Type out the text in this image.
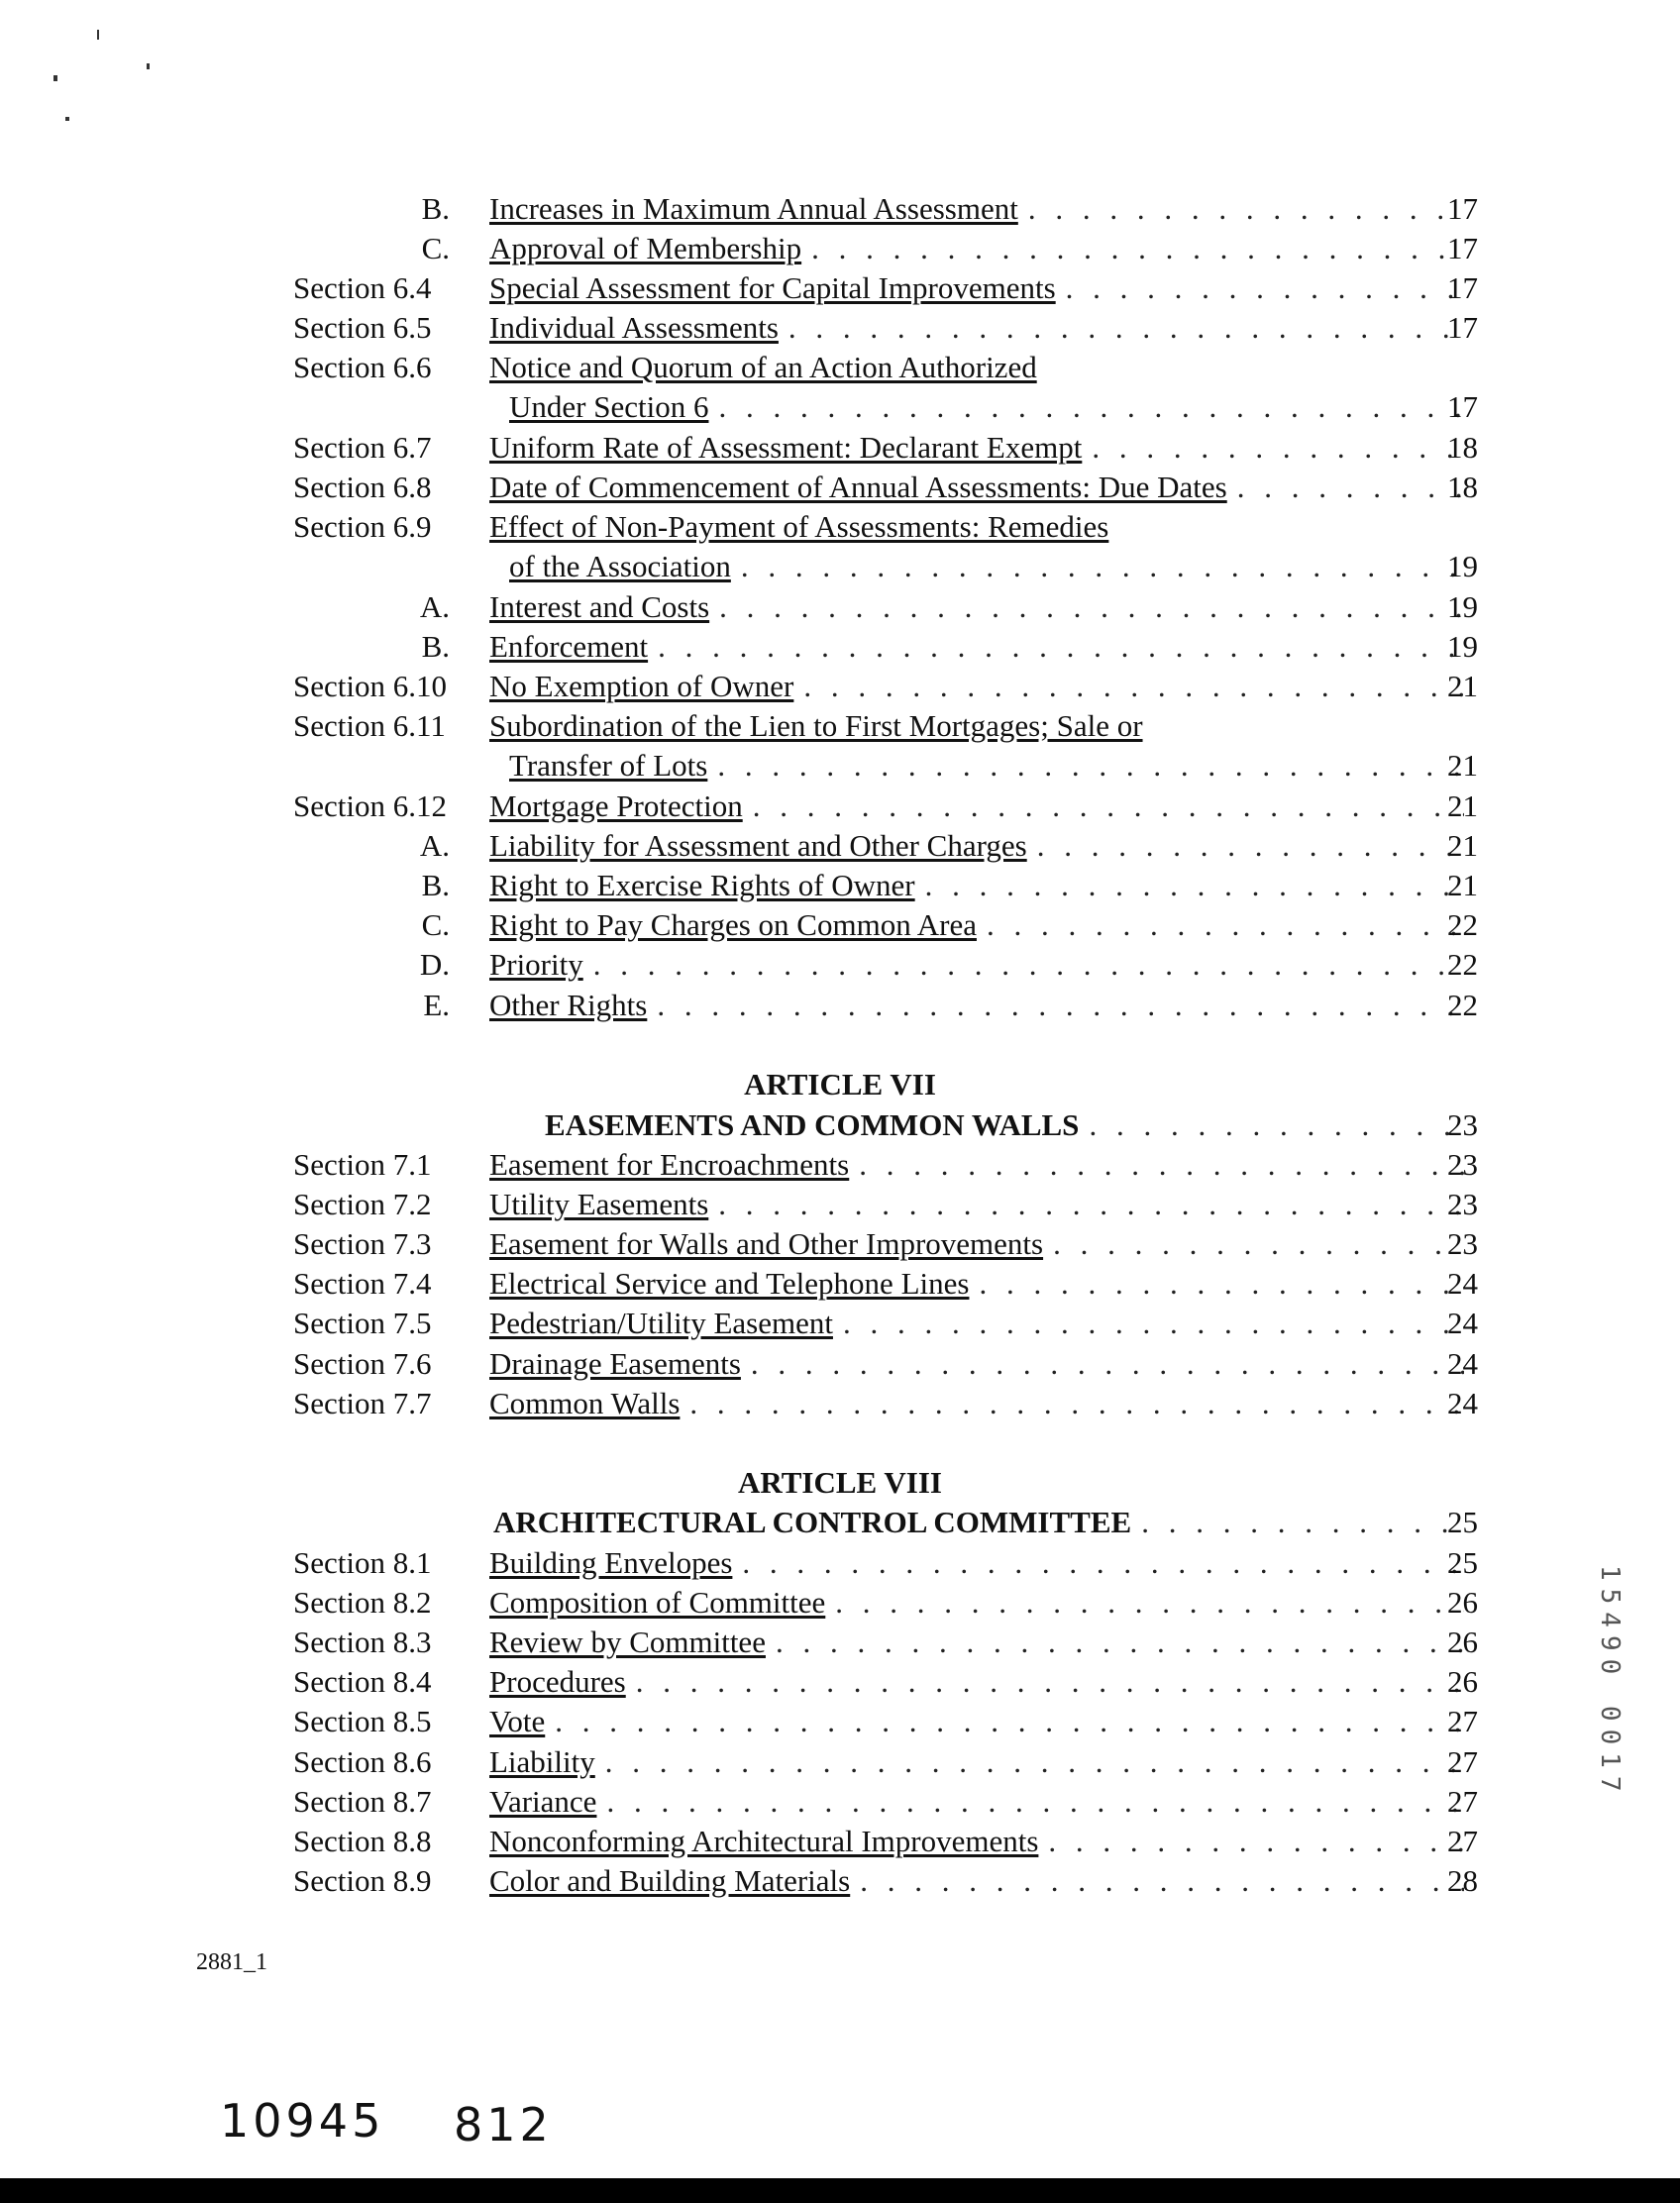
B. Increases in Maximum Annual Assessment . . .	17
C. Approval of Membership . . .	17
Section 6.4 Special Assessment for Capital Improvements . . .	17
Section 6.5 Individual Assessments . . .	17
Section 6.6 Notice and Quorum of an Action Authorized
Under Section 6 . . .	17
Section 6.7 Uniform Rate of Assessment: Declarant Exempt . . .	18
Section 6.8 Date of Commencement of Annual Assessments: Due Dates . . .	18
Section 6.9 Effect of Non-Payment of Assessments: Remedies
of the Association . . .	19
A. Interest and Costs . . .	19
B. Enforcement . . .	19
Section 6.10 No Exemption of Owner . . .	21
Section 6.11 Subordination of the Lien to First Mortgages; Sale or
Transfer of Lots . . .	21
Section 6.12 Mortgage Protection . . .	21
A. Liability for Assessment and Other Charges . . .	21
B. Right to Exercise Rights of Owner . . .	21
C. Right to Pay Charges on Common Area . . .	22
D. Priority . . .	22
E. Other Rights . . .	22
ARTICLE VII
EASEMENTS AND COMMON WALLS . . .	23
Section 7.1 Easement for Encroachments . . .	23
Section 7.2 Utility Easements . . .	23
Section 7.3 Easement for Walls and Other Improvements . . .	23
Section 7.4 Electrical Service and Telephone Lines . . .	24
Section 7.5 Pedestrian/Utility Easement . . .	24
Section 7.6 Drainage Easements . . .	24
Section 7.7 Common Walls . . .	24
ARTICLE VIII
ARCHITECTURAL CONTROL COMMITTEE . . .	25
Section 8.1 Building Envelopes . . .	25
Section 8.2 Composition of Committee . . .	26
Section 8.3 Review by Committee . . .	26
Section 8.4 Procedures . . .	26
Section 8.5 Vote . . .	27
Section 8.6 Liability . . .	27
Section 8.7 Variance . . .	27
Section 8.8 Nonconforming Architectural Improvements . . .	27
Section 8.9 Color and Building Materials . . .	28
2881_1
10945 812
15490 0017
